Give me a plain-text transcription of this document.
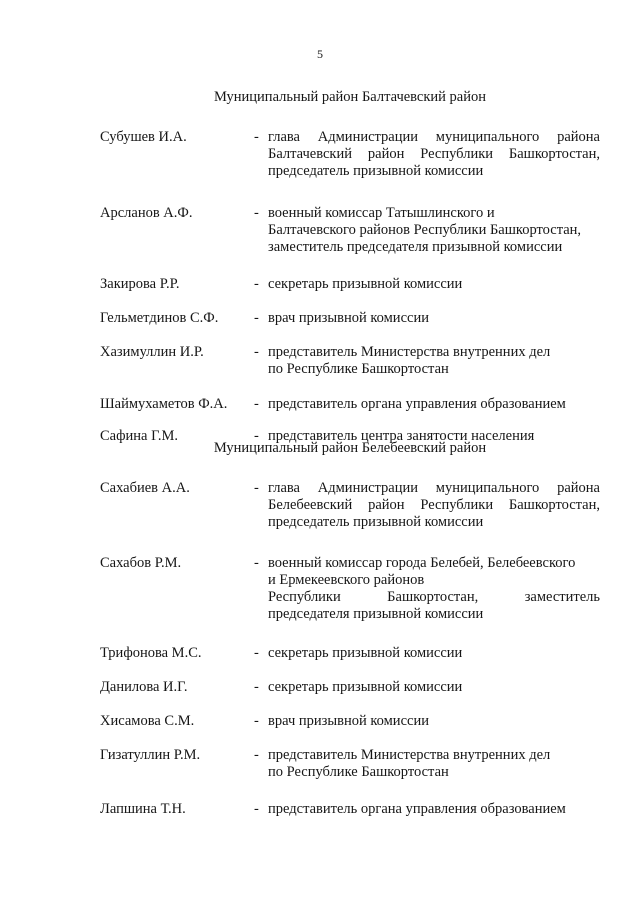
5
Муниципальный район Балтачевский район
Субушев И.А.	- глава Администрации муниципального района
Балтачевский район Республики Башкортостан,
председатель призывной комиссии
Арсланов А.Ф.	- военный комиссар Татышлинского и
Балтачевского районов Республики Башкортостан,
заместитель председателя призывной комиссии
Закирова Р.Р.	- секретарь призывной комиссии
Гельметдинов С.Ф.	- врач призывной комиссии
Хазимуллин И.Р.	- представитель Министерства внутренних дел
по Республике Башкортостан
Шаймухаметов Ф.А.	- представитель органа управления образованием
Сафина Г.М.	- представитель центра занятости населения
Муниципальный район Белебеевский район
Сахабиев А.А.	- глава Администрации муниципального района
Белебеевский район Республики Башкортостан,
председатель призывной комиссии
Сахабов Р.М.	- военный комиссар города Белебей, Белебеевского
и Ермекеевского районов
Республики Башкортостан, заместитель
председателя призывной комиссии
Трифонова М.С.	- секретарь призывной комиссии
Данилова И.Г.	- секретарь призывной комиссии
Хисамова С.М.	- врач призывной комиссии
Гизатуллин Р.М.	- представитель Министерства внутренних дел
по Республике Башкортостан
Лапшина Т.Н.	- представитель органа управления образованием
